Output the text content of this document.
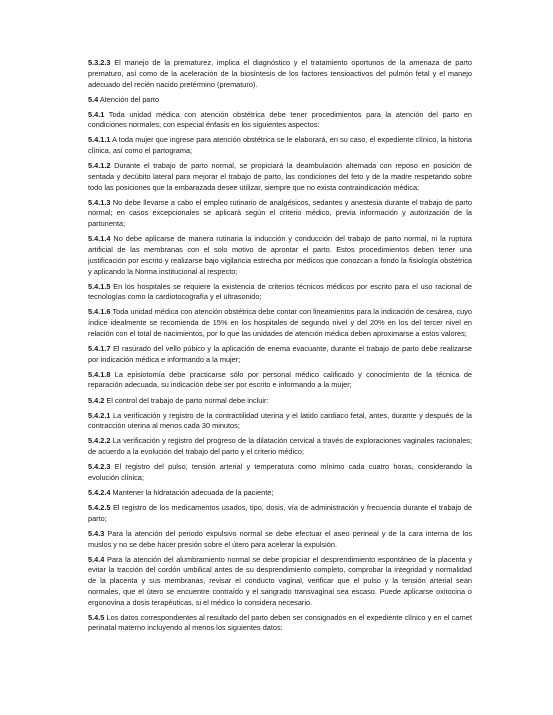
5.3.2.3 El manejo de la prematurez, implica el diagnóstico y el tratamiento oportunos de la amenaza de parto prematuro, así como de la aceleración de la biosíntesis de los factores tensioactivos del pulmón fetal y el manejo adecuado del recién nacido pretérmino (prematuro).

5.4 Atención del parto

5.4.1 Toda unidad médica con atención obstétrica debe tener procedimientos para la atención del parto en condiciones normales; con especial énfasis en los siguientes aspectos:

5.4.1.1 A toda mujer que ingrese para atención obstétrica se le elaborará, en su caso, el expediente clínico, la historia clínica, así como el partograma;

5.4.1.2 Durante el trabajo de parto normal, se propiciará la deambulación alternada con reposo en posición de sentada y decúbito lateral para mejorar el trabajo de parto, las condiciones del feto y de la madre respetando sobre todo las posiciones que la embarazada desee utilizar, siempre que no exista contraindicación médica;

5.4.1.3 No debe llevarse a cabo el empleo rutinario de analgésicos, sedantes y anestesia durante el trabajo de parto normal; en casos excepcionales se aplicará según el criterio médico, previa información y autorización de la parturienta;

5.4.1.4 No debe aplicarse de manera rutinaria la inducción y conducción del trabajo de parto normal, ni la ruptura artificial de las membranas con el solo motivo de aprontar el parto. Estos procedimientos deben tener una justificación por escrito y realizarse bajo vigilancia estrecha por médicos que conozcan a fondo la fisiología obstétrica y aplicando la Norma institucional al respecto;

5.4.1.5 En los hospitales se requiere la existencia de criterios técnicos médicos por escrito para el uso racional de tecnologías como la cardiotocografía y el ultrasonido;

5.4.1.6 Toda unidad médica con atención obstétrica debe contar con lineamientos para la indicación de cesárea, cuyo índice idealmente se recomienda de 15% en los hospitales de segundo nivel y del 20% en los del tercer nivel en relación con el total de nacimientos, por lo que las unidades de atención médica deben aproximarse a estos valores;

5.4.1.7 El rasurado del vello púbico y la aplicación de enema evacuante, durante el trabajo de parto debe realizarse por indicación médica e informando a la mujer;

5.4.1.8 La episiotomía debe practicarse sólo por personal médico calificado y conocimiento de la técnica de reparación adecuada, su indicación debe ser por escrito e informando a la mujer;

5.4.2 El control del trabajo de parto normal debe incluir:

5.4.2.1 La verificación y registro de la contractilidad uterina y el latido cardiaco fetal, antes, durante y después de la contracción uterina al menos cada 30 minutos;

5.4.2.2 La verificación y registro del progreso de la dilatación cervical a través de exploraciones vaginales racionales; de acuerdo a la evolución del trabajo del parto y el criterio médico;

5.4.2.3 El registro del pulso, tensión arterial y temperatura como mínimo cada cuatro horas, considerando la evolución clínica;

5.4.2.4 Mantener la hidratación adecuada de la paciente;

5.4.2.5 El registro de los medicamentos usados, tipo, dosis, vía de administración y frecuencia durante el trabajo de parto;

5.4.3 Para la atención del periodo expulsivo normal se debe efectuar el aseo perineal y de la cara interna de los muslos y no se debe hacer presión sobre el útero para acelerar la expulsión.

5.4.4 Para la atención del alumbramiento normal se debe propiciar el desprendimiento espontáneo de la placenta y evitar la tracción del cordón umbilical antes de su desprendimiento completo, comprobar la integridad y normalidad de la placenta y sus membranas, revisar el conducto vaginal, verificar que el pulso y la tensión arterial sean normales, que el útero se encuentre contraído y el sangrado transvaginal sea escaso. Puede aplicarse oxitocina o ergonovina a dosis terapéuticas, si el médico lo considera necesario.

5.4.5 Los datos correspondientes al resultado del parto deben ser consignados en el expediente clínico y en el carnet perinatal materno incluyendo al menos los siguientes datos:
